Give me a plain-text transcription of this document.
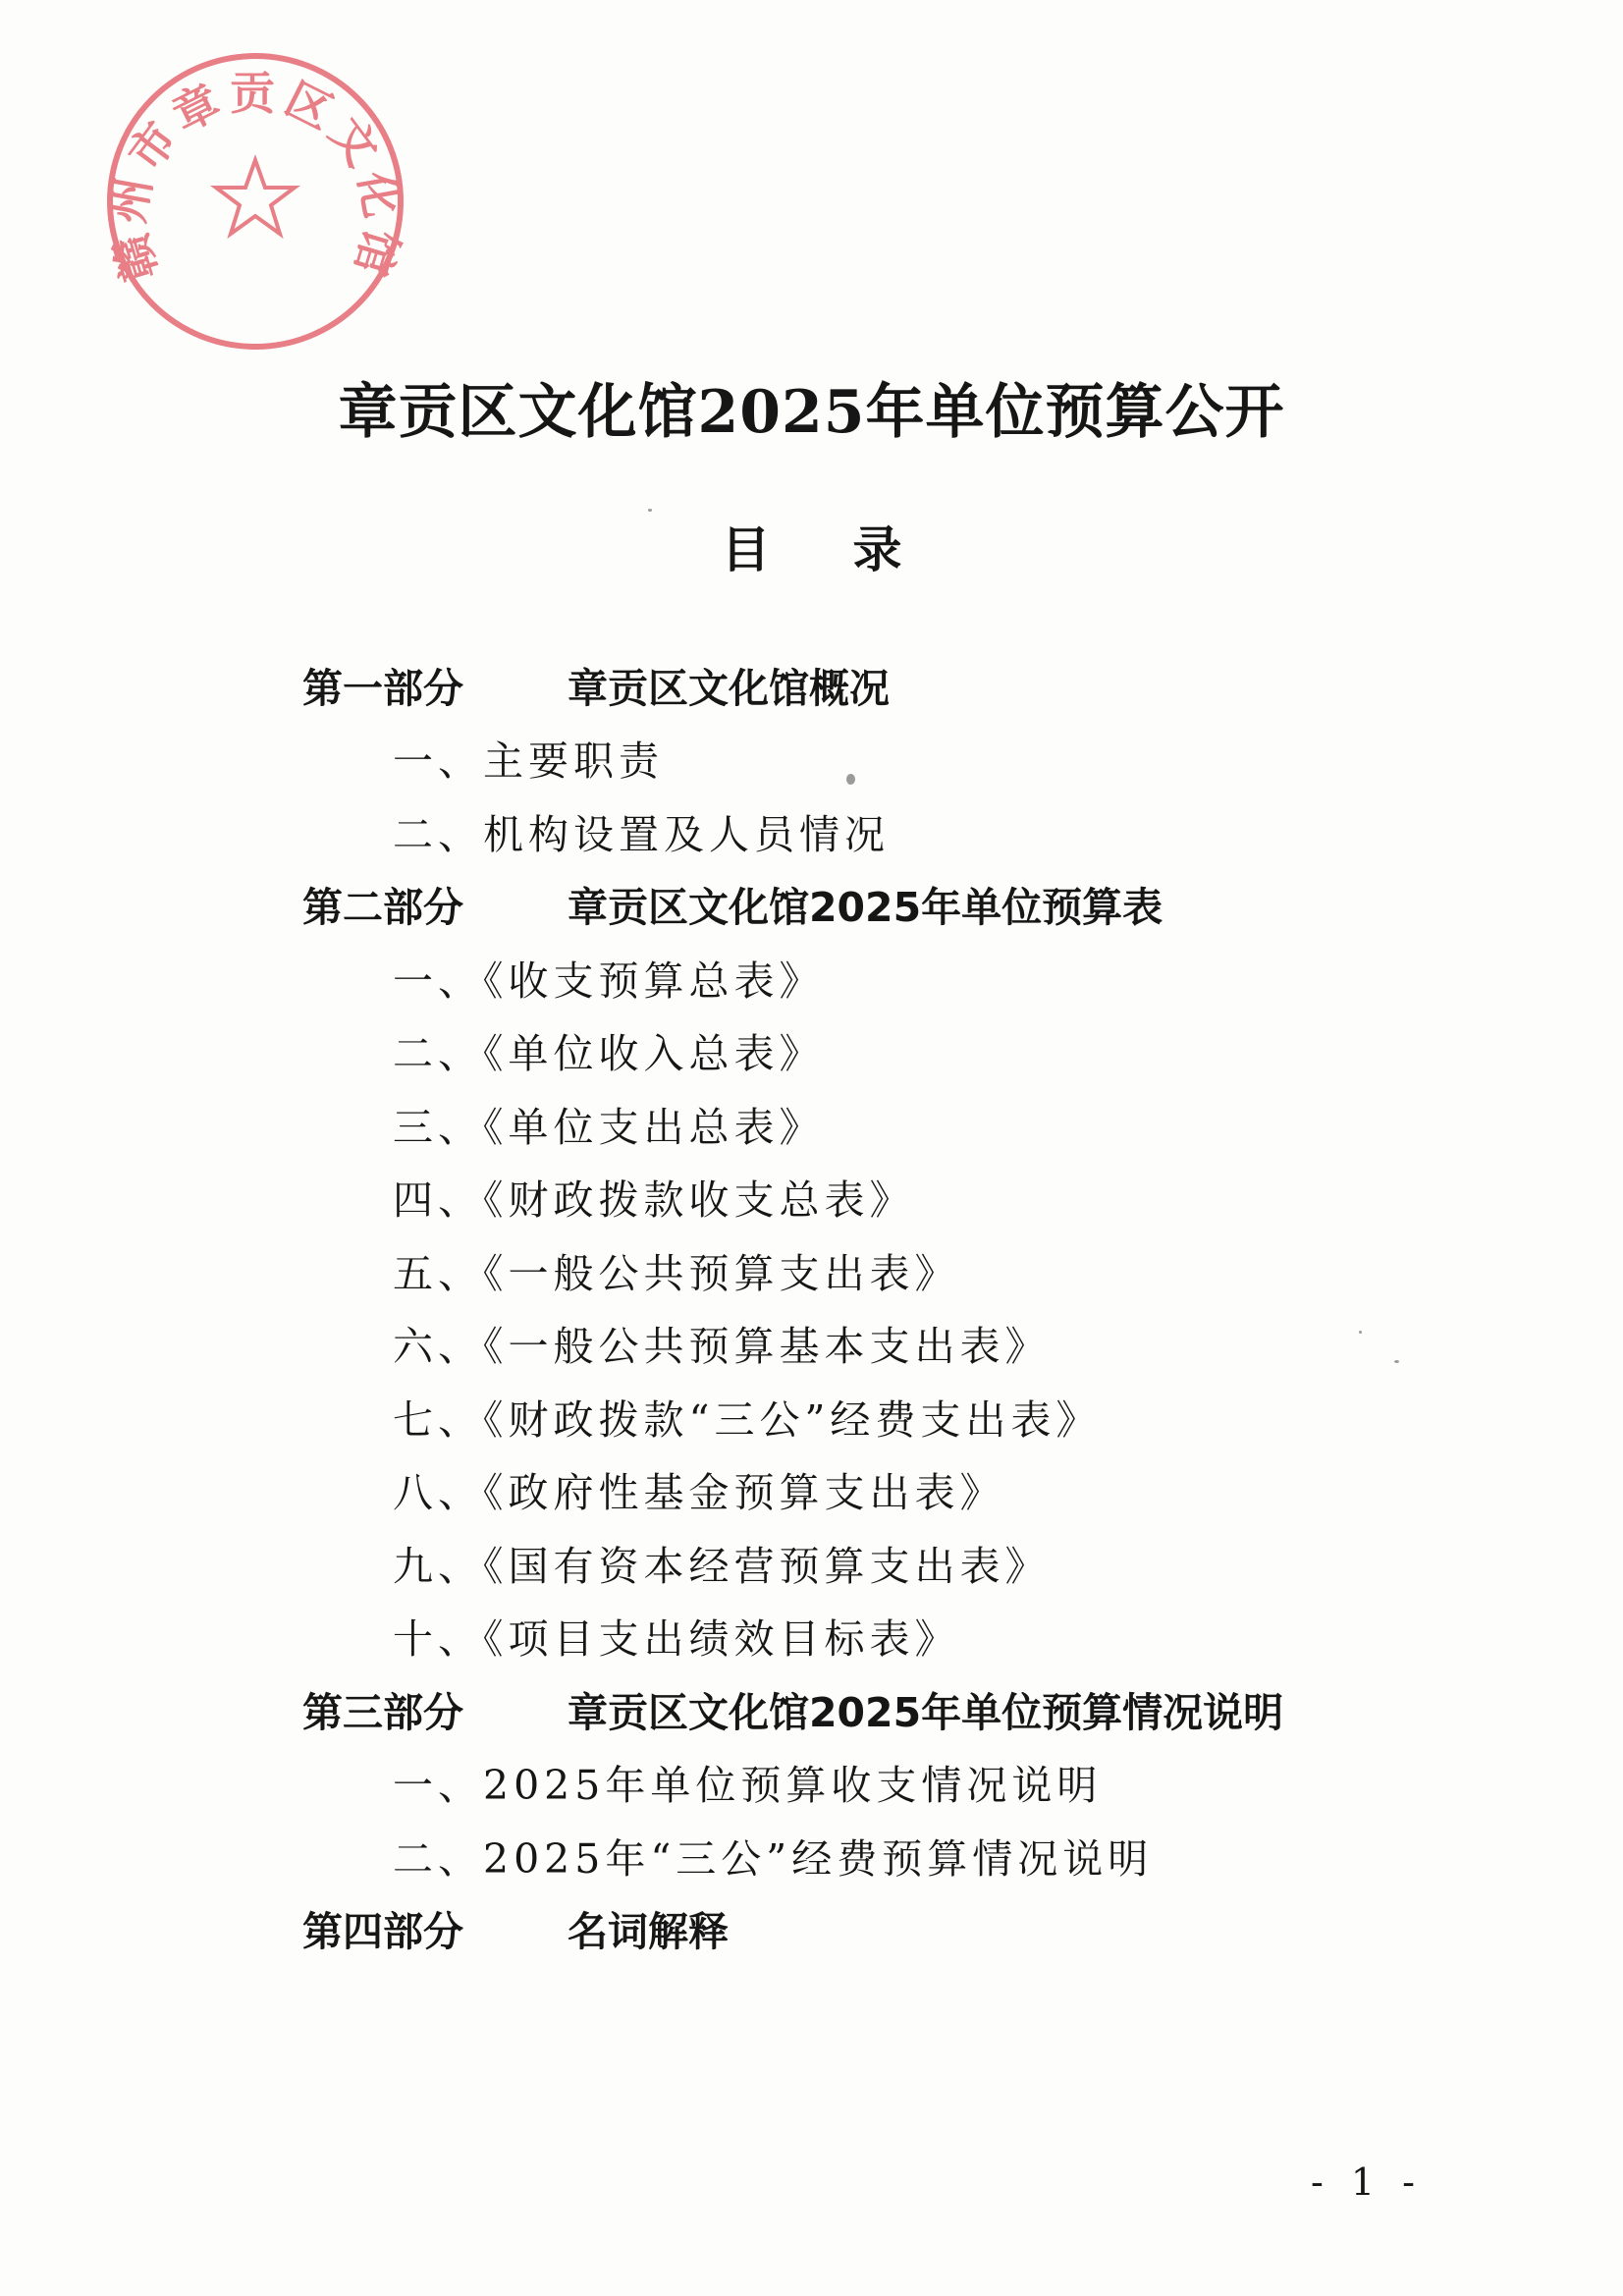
赣州市章贡区文化馆
章贡区文化馆2025年单位预算公开
目 录
第一部分	章贡区文化馆概况
一、主要职责
二、机构设置及人员情况
第二部分	章贡区文化馆2025年单位预算表
一、《收支预算总表》
二、《单位收入总表》
三、《单位支出总表》
四、《财政拨款收支总表》
五、《一般公共预算支出表》
六、《一般公共预算基本支出表》
七、《财政拨款“三公”经费支出表》
八、《政府性基金预算支出表》
九、《国有资本经营预算支出表》
十、《项目支出绩效目标表》
第三部分	章贡区文化馆2025年单位预算情况说明
一、2025年单位预算收支情况说明
二、2025年“三公”经费预算情况说明
第四部分	名词解释
- 1 -
